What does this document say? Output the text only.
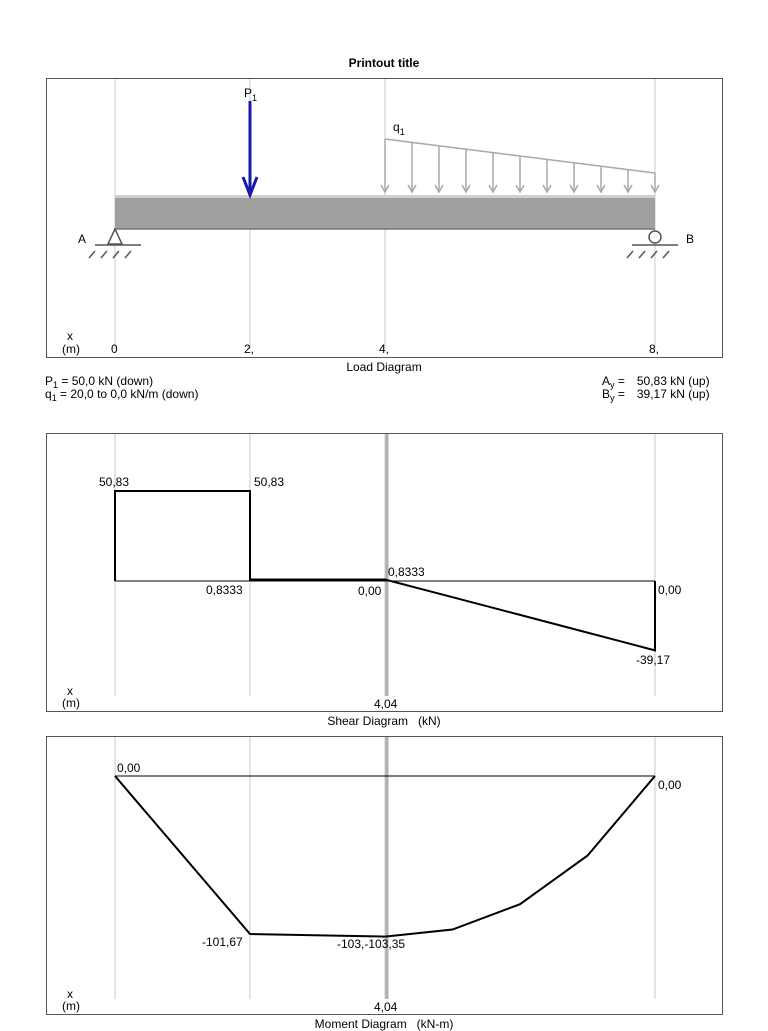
Printout title
$P_1$
$q_1$
A	B
x
(m)	0	2,	4,	8,
Load Diagram
$P_1 = 50,0$ kN (down)
$q_1 = 20,0$ to 0,0 kN/m (down)
$A_y = 50,83$ kN (up)
$B_y = 39,17$ kN (up)
50,83	50,83
0,8333	0,00
0,8333
0,00
-39,17
x
(m)	4,04
Shear Diagram   (kN)
0,00
0,00
-101,67	-103,-103,35
x
(m)	4,04
Moment Diagram   (kN-m)
